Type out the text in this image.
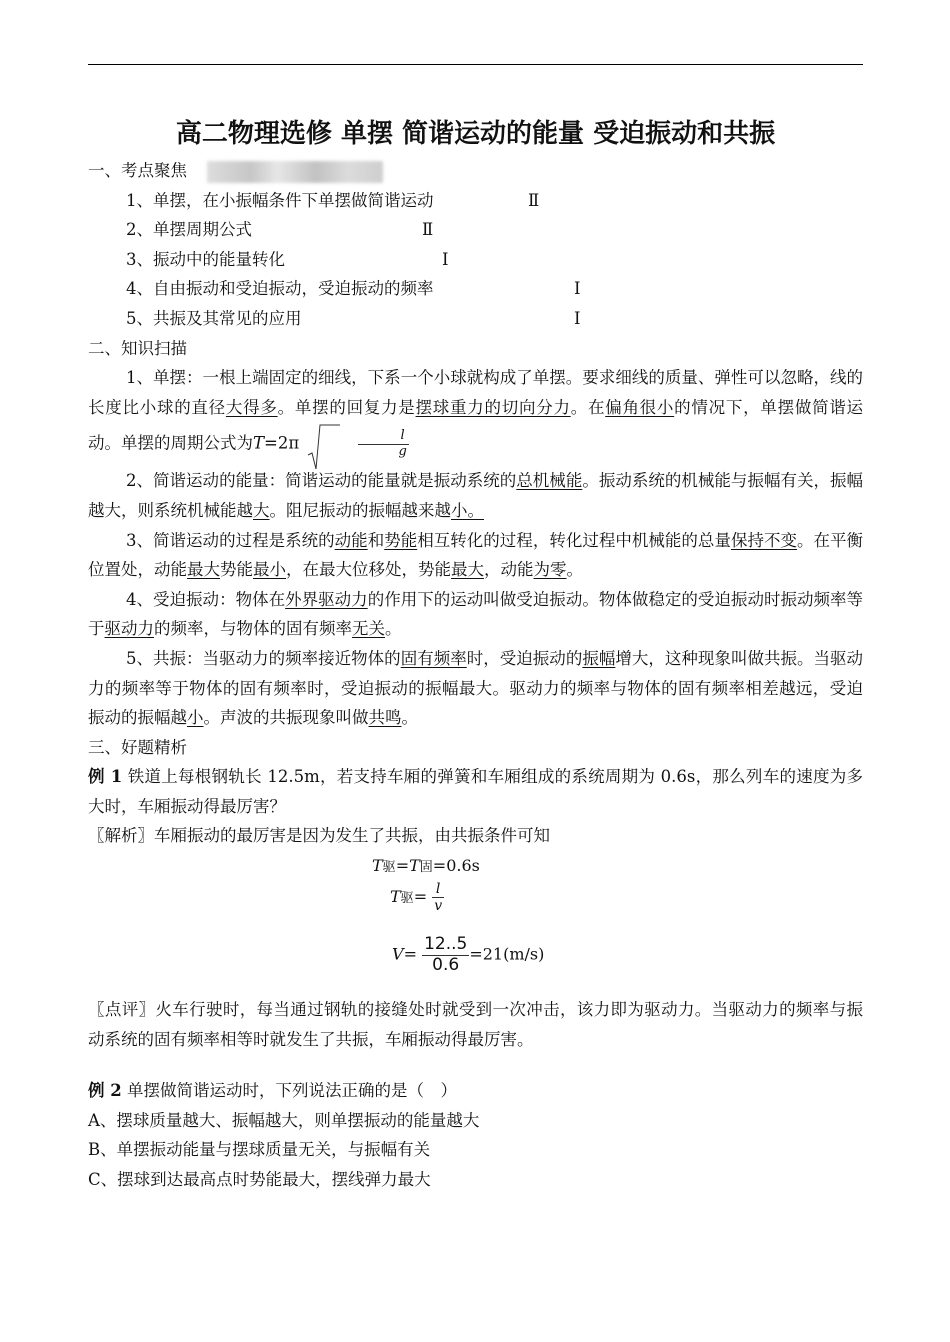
高二物理选修 单摆 简谐运动的能量 受迫振动和共振
一、考点聚焦
1、单摆，在小振幅条件下单摆做简谐运动	Ⅱ
2、单摆周期公式	Ⅱ
3、振动中的能量转化	Ⅰ
4、自由振动和受迫振动，受迫振动的频率	Ⅰ
5、共振及其常见的应用	Ⅰ
二、知识扫描
1、单摆：一根上端固定的细线，下系一个小球就构成了单摆。要求细线的质量、弹性可以忽略，线的长度比小球的直径大得多。单摆的回复力是摆球重力的切向分力。在偏角很小的情况下，单摆做简谐运动。单摆的周期公式为T=2π	$\frac{l}{g}$
2、简谐运动的能量：简谐运动的能量就是振动系统的总机械能。振动系统的机械能与振幅有关，振幅越大，则系统机械能越大。阻尼振动的振幅越来越小。
3、简谐运动的过程是系统的动能和势能相互转化的过程，转化过程中机械能的总量保持不变。在平衡位置处，动能最大势能最小，在最大位移处，势能最大，动能为零。
4、受迫振动：物体在外界驱动力的作用下的运动叫做受迫振动。物体做稳定的受迫振动时振动频率等于驱动力的频率，与物体的固有频率无关。
5、共振：当驱动力的频率接近物体的固有频率时，受迫振动的振幅增大，这种现象叫做共振。当驱动力的频率等于物体的固有频率时，受迫振动的振幅最大。驱动力的频率与物体的固有频率相差越远，受迫振动的振幅越小。声波的共振现象叫做共鸣。
三、好题精析
例 1 铁道上每根钢轨长 12.5m，若支持车厢的弹簧和车厢组成的系统周期为 0.6s，那么列车的速度为多大时，车厢振动得最厉害？
〖解析〗车厢振动的最厉害是因为发生了共振，由共振条件可知
T驱=T固=0.6s
T驱= $\frac{l}{v}$
$V= \frac{12..5}{0.6} =21(m/s)$
〖点评〗火车行驶时，每当通过钢轨的接缝处时就受到一次冲击，该力即为驱动力。当驱动力的频率与振动系统的固有频率相等时就发生了共振，车厢振动得最厉害。
例 2 单摆做简谐运动时，下列说法正确的是（　）
A、摆球质量越大、振幅越大，则单摆振动的能量越大
B、单摆振动能量与摆球质量无关，与振幅有关
C、摆球到达最高点时势能最大，摆线弹力最大
